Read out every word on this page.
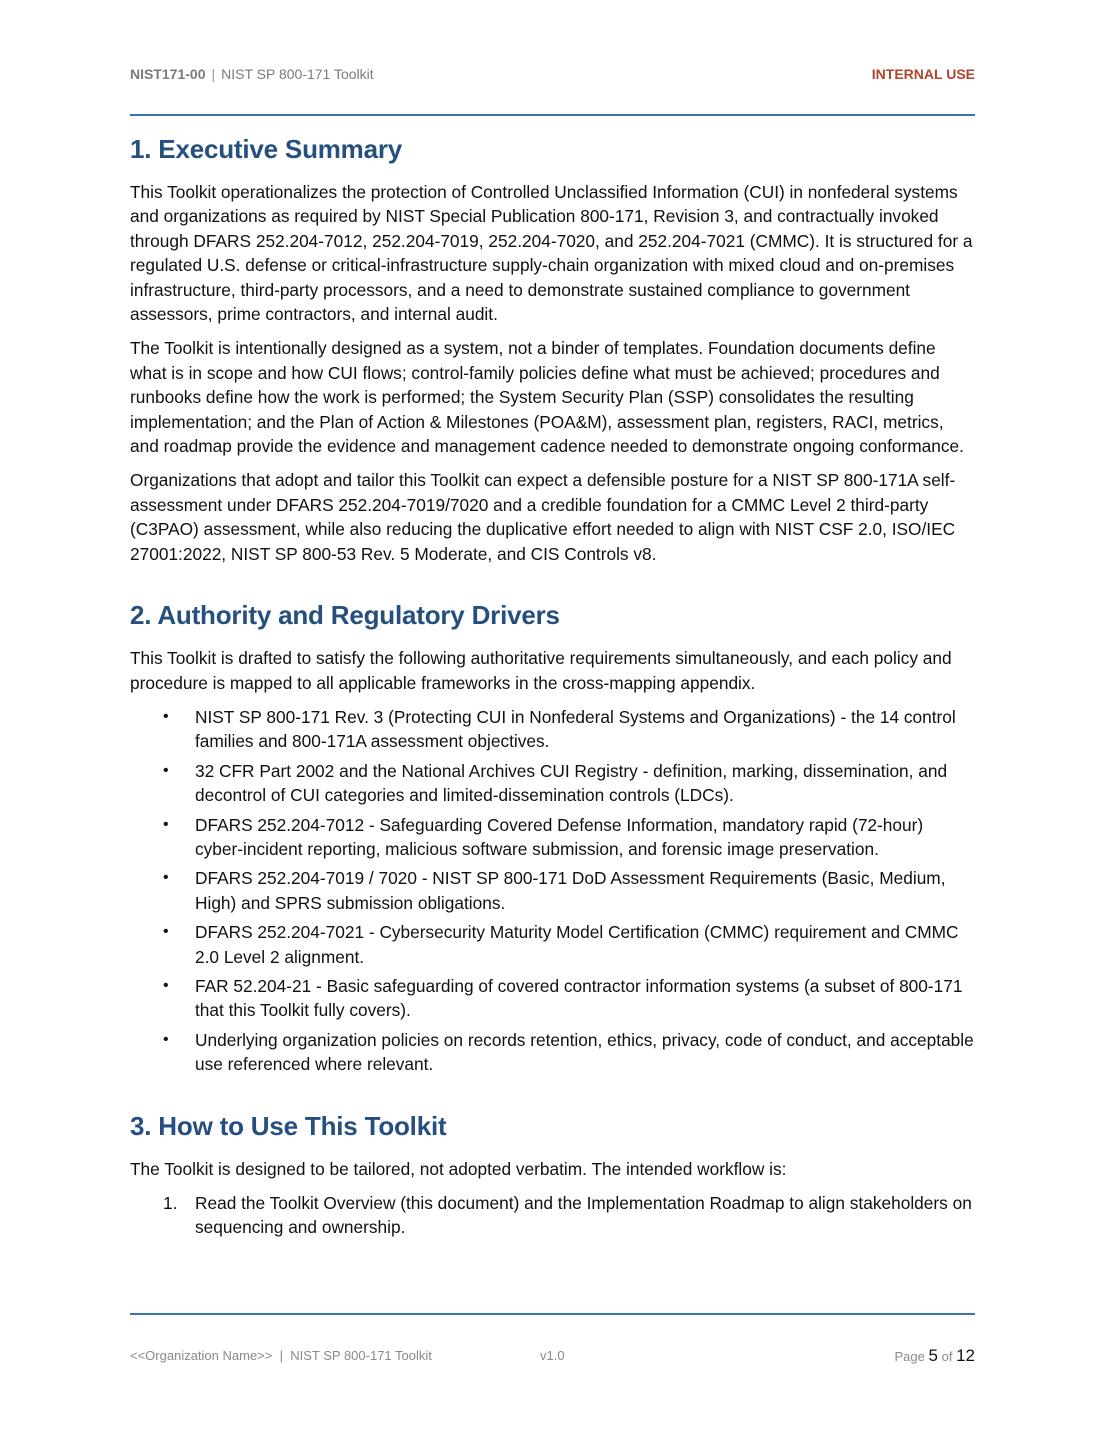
NIST171-00 | NIST SP 800-171 Toolkit	INTERNAL USE
1. Executive Summary

This Toolkit operationalizes the protection of Controlled Unclassified Information (CUI) in nonfederal systems and organizations as required by NIST Special Publication 800-171, Revision 3, and contractually invoked through DFARS 252.204-7012, 252.204-7019, 252.204-7020, and 252.204-7021 (CMMC). It is structured for a regulated U.S. defense or critical-infrastructure supply-chain organization with mixed cloud and on-premises infrastructure, third-party processors, and a need to demonstrate sustained compliance to government assessors, prime contractors, and internal audit.

The Toolkit is intentionally designed as a system, not a binder of templates. Foundation documents define what is in scope and how CUI flows; control-family policies define what must be achieved; procedures and runbooks define how the work is performed; the System Security Plan (SSP) consolidates the resulting implementation; and the Plan of Action & Milestones (POA&M), assessment plan, registers, RACI, metrics, and roadmap provide the evidence and management cadence needed to demonstrate ongoing conformance.

Organizations that adopt and tailor this Toolkit can expect a defensible posture for a NIST SP 800-171A self-assessment under DFARS 252.204-7019/7020 and a credible foundation for a CMMC Level 2 third-party (C3PAO) assessment, while also reducing the duplicative effort needed to align with NIST CSF 2.0, ISO/IEC 27001:2022, NIST SP 800-53 Rev. 5 Moderate, and CIS Controls v8.

2. Authority and Regulatory Drivers

This Toolkit is drafted to satisfy the following authoritative requirements simultaneously, and each policy and procedure is mapped to all applicable frameworks in the cross-mapping appendix.

• NIST SP 800-171 Rev. 3 (Protecting CUI in Nonfederal Systems and Organizations) - the 14 control families and 800-171A assessment objectives.
• 32 CFR Part 2002 and the National Archives CUI Registry - definition, marking, dissemination, and decontrol of CUI categories and limited-dissemination controls (LDCs).
• DFARS 252.204-7012 - Safeguarding Covered Defense Information, mandatory rapid (72-hour) cyber-incident reporting, malicious software submission, and forensic image preservation.
• DFARS 252.204-7019 / 7020 - NIST SP 800-171 DoD Assessment Requirements (Basic, Medium, High) and SPRS submission obligations.
• DFARS 252.204-7021 - Cybersecurity Maturity Model Certification (CMMC) requirement and CMMC 2.0 Level 2 alignment.
• FAR 52.204-21 - Basic safeguarding of covered contractor information systems (a subset of 800-171 that this Toolkit fully covers).
• Underlying organization policies on records retention, ethics, privacy, code of conduct, and acceptable use referenced where relevant.
3. How to Use This Toolkit

The Toolkit is designed to be tailored, not adopted verbatim. The intended workflow is:

1. Read the Toolkit Overview (this document) and the Implementation Roadmap to align stakeholders on sequencing and ownership.
<<Organization Name>> | NIST SP 800-171 Toolkit	v1.0	Page 5 of 12
